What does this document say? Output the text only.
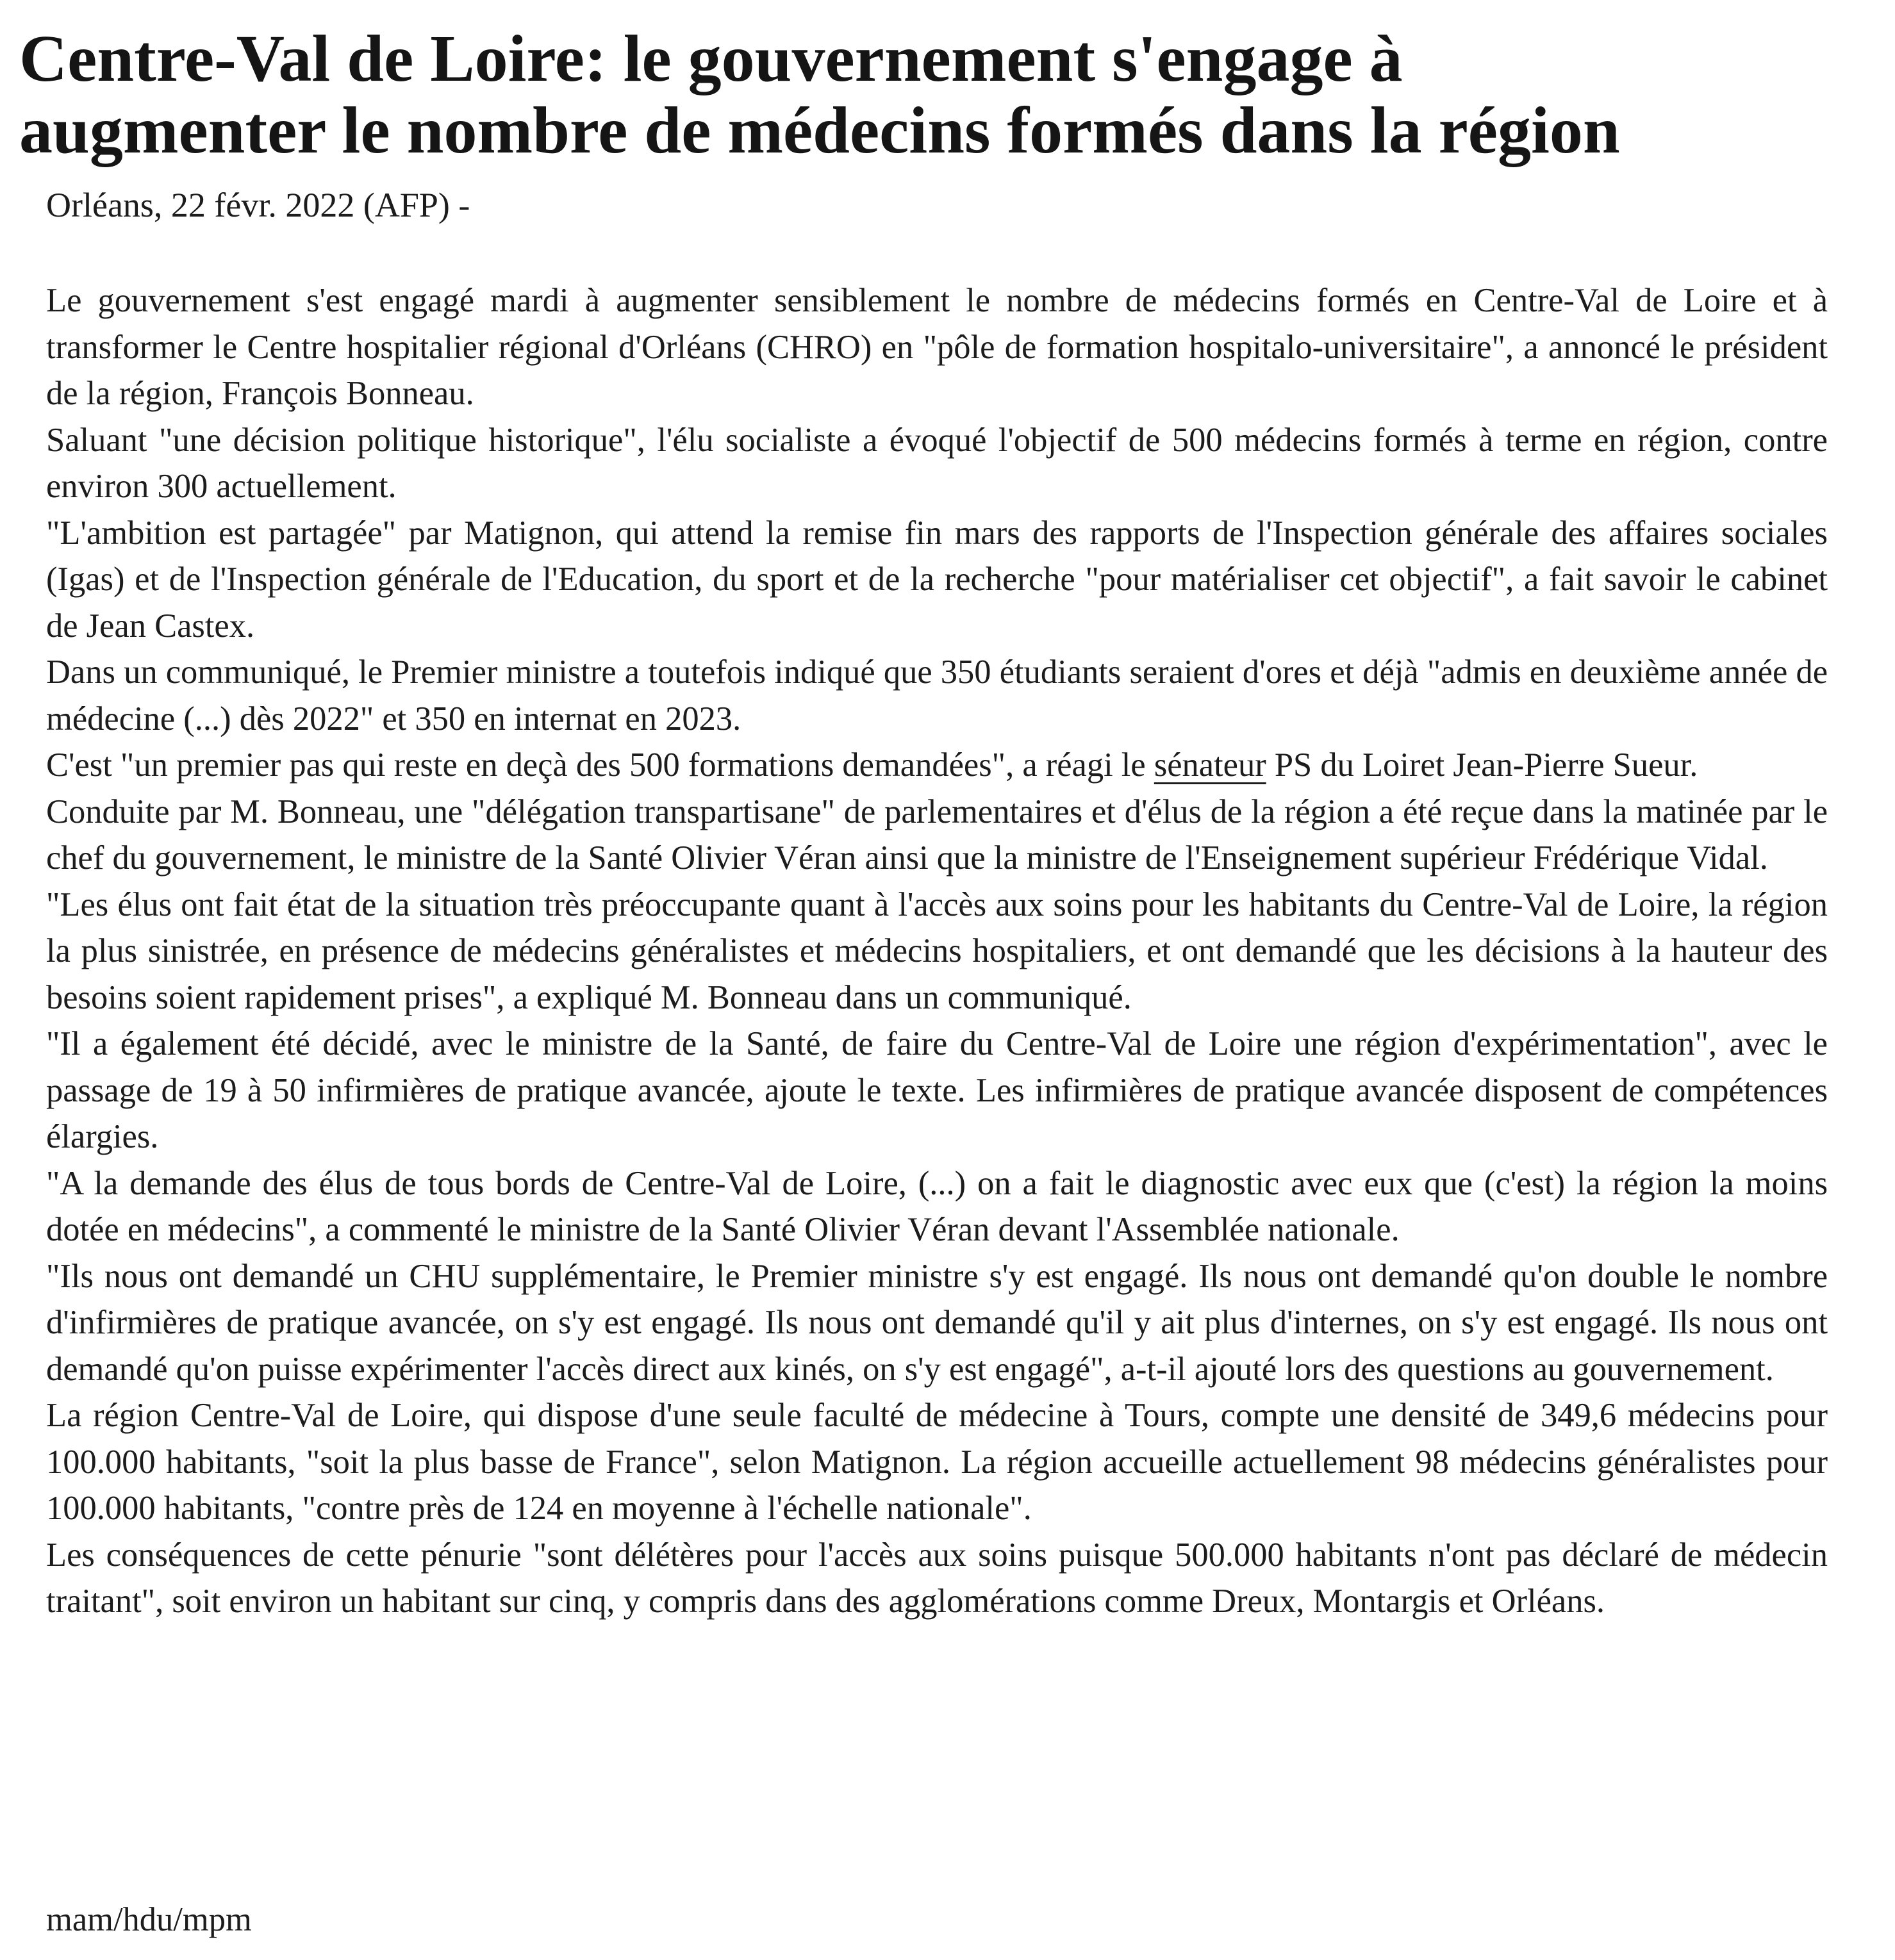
Centre-Val de Loire: le gouvernement s'engage à
augmenter le nombre de médecins formés dans la région
Orléans, 22 févr. 2022 (AFP) -

Le gouvernement s'est engagé mardi à augmenter sensiblement le nombre de médecins formés en Centre-Val de Loire et à transformer le Centre hospitalier régional d'Orléans (CHRO) en "pôle de formation hospitalo-universitaire", a annoncé le président de la région, François Bonneau.

Saluant "une décision politique historique", l'élu socialiste a évoqué l'objectif de 500 médecins formés à terme en région, contre environ 300 actuellement.

"L'ambition est partagée" par Matignon, qui attend la remise fin mars des rapports de l'Inspection générale des affaires sociales (Igas) et de l'Inspection générale de l'Education, du sport et de la recherche "pour matérialiser cet objectif", a fait savoir le cabinet de Jean Castex.

Dans un communiqué, le Premier ministre a toutefois indiqué que 350 étudiants seraient d'ores et déjà "admis en deuxième année de médecine (...) dès 2022" et 350 en internat en 2023.

C'est "un premier pas qui reste en deçà des 500 formations demandées", a réagi le sénateur PS du Loiret Jean-Pierre Sueur.

Conduite par M. Bonneau, une "délégation transpartisane" de parlementaires et d'élus de la région a été reçue dans la matinée par le chef du gouvernement, le ministre de la Santé Olivier Véran ainsi que la ministre de l'Enseignement supérieur Frédérique Vidal.

"Les élus ont fait état de la situation très préoccupante quant à l'accès aux soins pour les habitants du Centre-Val de Loire, la région la plus sinistrée, en présence de médecins généralistes et médecins hospitaliers, et ont demandé que les décisions à la hauteur des besoins soient rapidement prises", a expliqué M. Bonneau dans un communiqué.

"Il a également été décidé, avec le ministre de la Santé, de faire du Centre-Val de Loire une région d'expérimentation", avec le passage de 19 à 50 infirmières de pratique avancée, ajoute le texte. Les infirmières de pratique avancée disposent de compétences élargies.

"A la demande des élus de tous bords de Centre-Val de Loire, (...) on a fait le diagnostic avec eux que (c'est) la région la moins dotée en médecins", a commenté le ministre de la Santé Olivier Véran devant l'Assemblée nationale.

"Ils nous ont demandé un CHU supplémentaire, le Premier ministre s'y est engagé. Ils nous ont demandé qu'on double le nombre d'infirmières de pratique avancée, on s'y est engagé. Ils nous ont demandé qu'il y ait plus d'internes, on s'y est engagé. Ils nous ont demandé qu'on puisse expérimenter l'accès direct aux kinés, on s'y est engagé", a-t-il ajouté lors des questions au gouvernement.

La région Centre-Val de Loire, qui dispose d'une seule faculté de médecine à Tours, compte une densité de 349,6 médecins pour 100.000 habitants, "soit la plus basse de France", selon Matignon. La région accueille actuellement 98 médecins généralistes pour 100.000 habitants, "contre près de 124 en moyenne à l'échelle nationale".

Les conséquences de cette pénurie "sont délétères pour l'accès aux soins puisque 500.000 habitants n'ont pas déclaré de médecin traitant", soit environ un habitant sur cinq, y compris dans des agglomérations comme Dreux, Montargis et Orléans.

mam/hdu/mpm
